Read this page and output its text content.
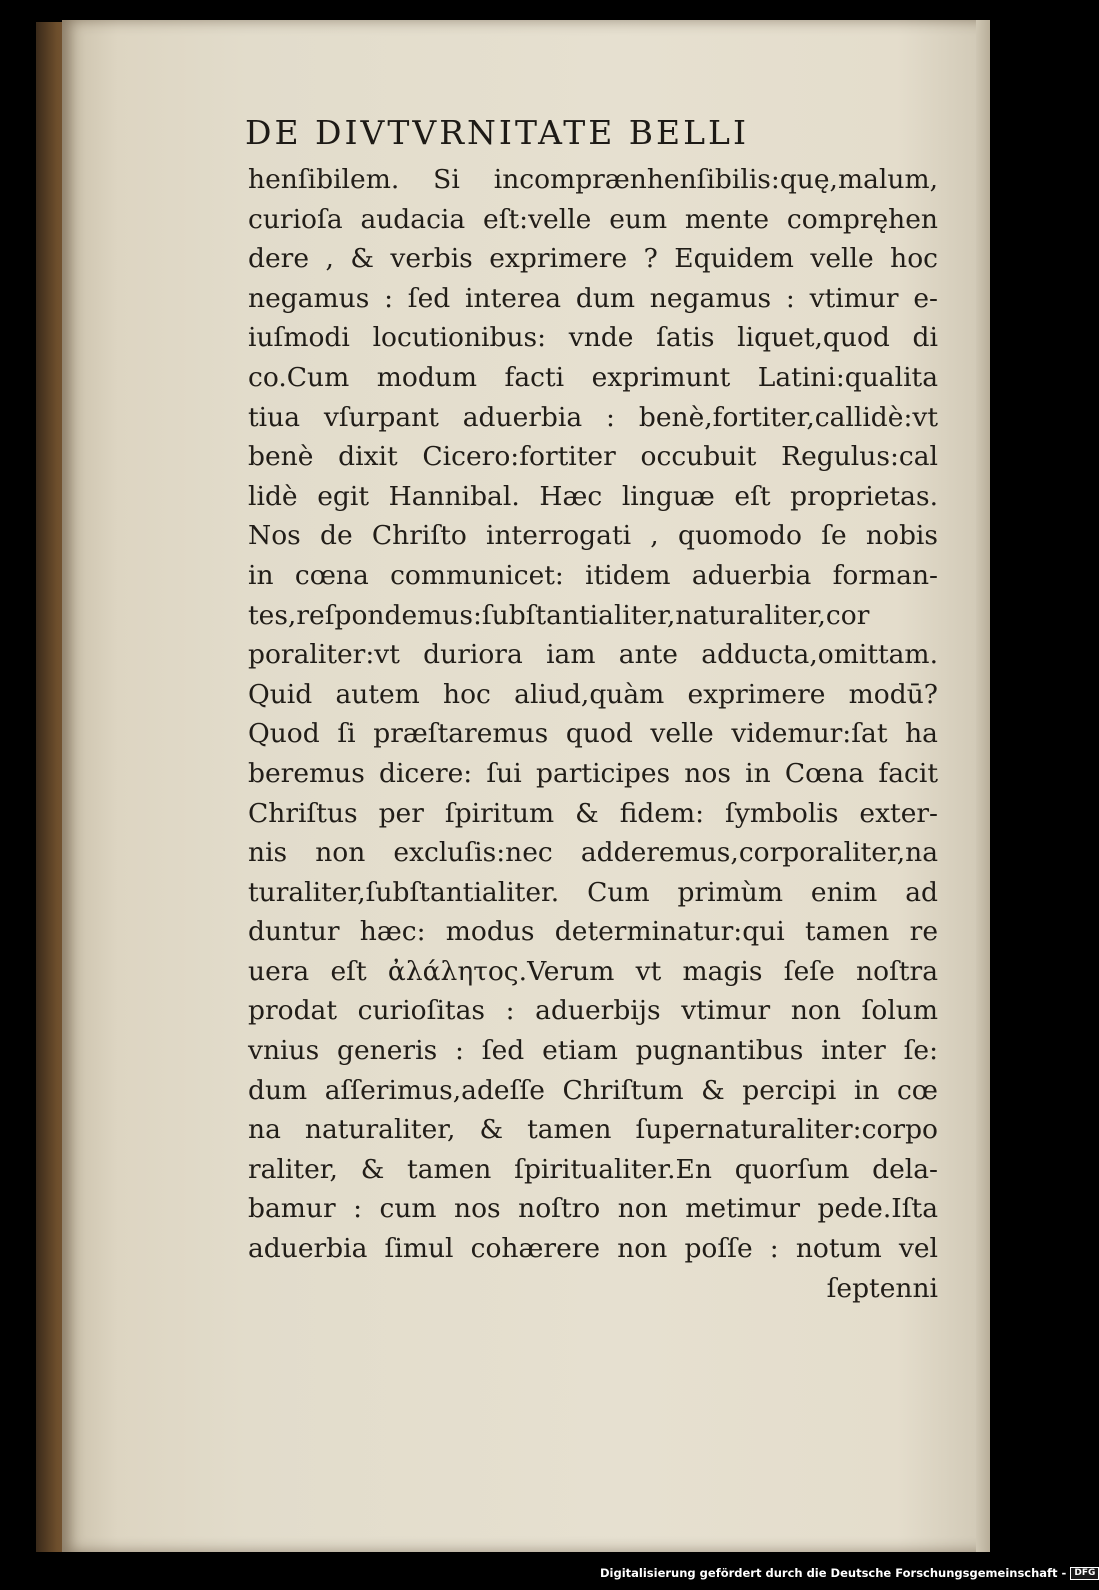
DE DIVTVRNITATE BELLI
henſibilem. Si incomprænhenſibilis:quę,malum,
curioſa audacia eſt:velle eum mente compręhen
dere , & verbis exprimere ? Equidem velle hoc
negamus : ſed interea dum negamus : vtimur e-
iuſmodi locutionibus: vnde ſatis liquet,quod di
co.Cum modum facti exprimunt Latini:qualita
tiua vſurpant aduerbia : benè,fortiter,callidè:vt
benè dixit Cicero:fortiter occubuit Regulus:cal
lidè egit Hannibal. Hæc linguæ eſt proprietas.
Nos de Chriſto interrogati , quomodo ſe nobis
in cœna communicet: itidem aduerbia forman-
tes,reſpondemus:ſubſtantialiter,naturaliter,cor
poraliter:vt duriora iam ante adducta,omittam.
Quid autem hoc aliud,quàm exprimere modū?
Quod ſi præſtaremus quod velle videmur:ſat ha
beremus dicere: ſui participes nos in Cœna facit
Chriſtus per ſpiritum & fidem: ſymbolis exter-
nis non excluſis:nec adderemus,corporaliter,na
turaliter,ſubſtantialiter. Cum primùm enim ad
duntur hæc: modus determinatur:qui tamen re
uera eſt ἀλάλητος.Verum vt magis ſeſe noſtra
prodat curioſitas : aduerbijs vtimur non ſolum
vnius generis : ſed etiam pugnantibus inter ſe:
dum aſſerimus,adeſſe Chriſtum & percipi in cœ
na naturaliter, & tamen ſupernaturaliter:corpo
raliter, & tamen ſpiritualiter.En quorſum dela-
bamur : cum nos noſtro non metimur pede.Iſta
aduerbia ſimul cohærere non poſſe : notum vel
ſeptenni
Digitalisierung gefördert durch die Deutsche Forschungsgemeinschaft - DFG
